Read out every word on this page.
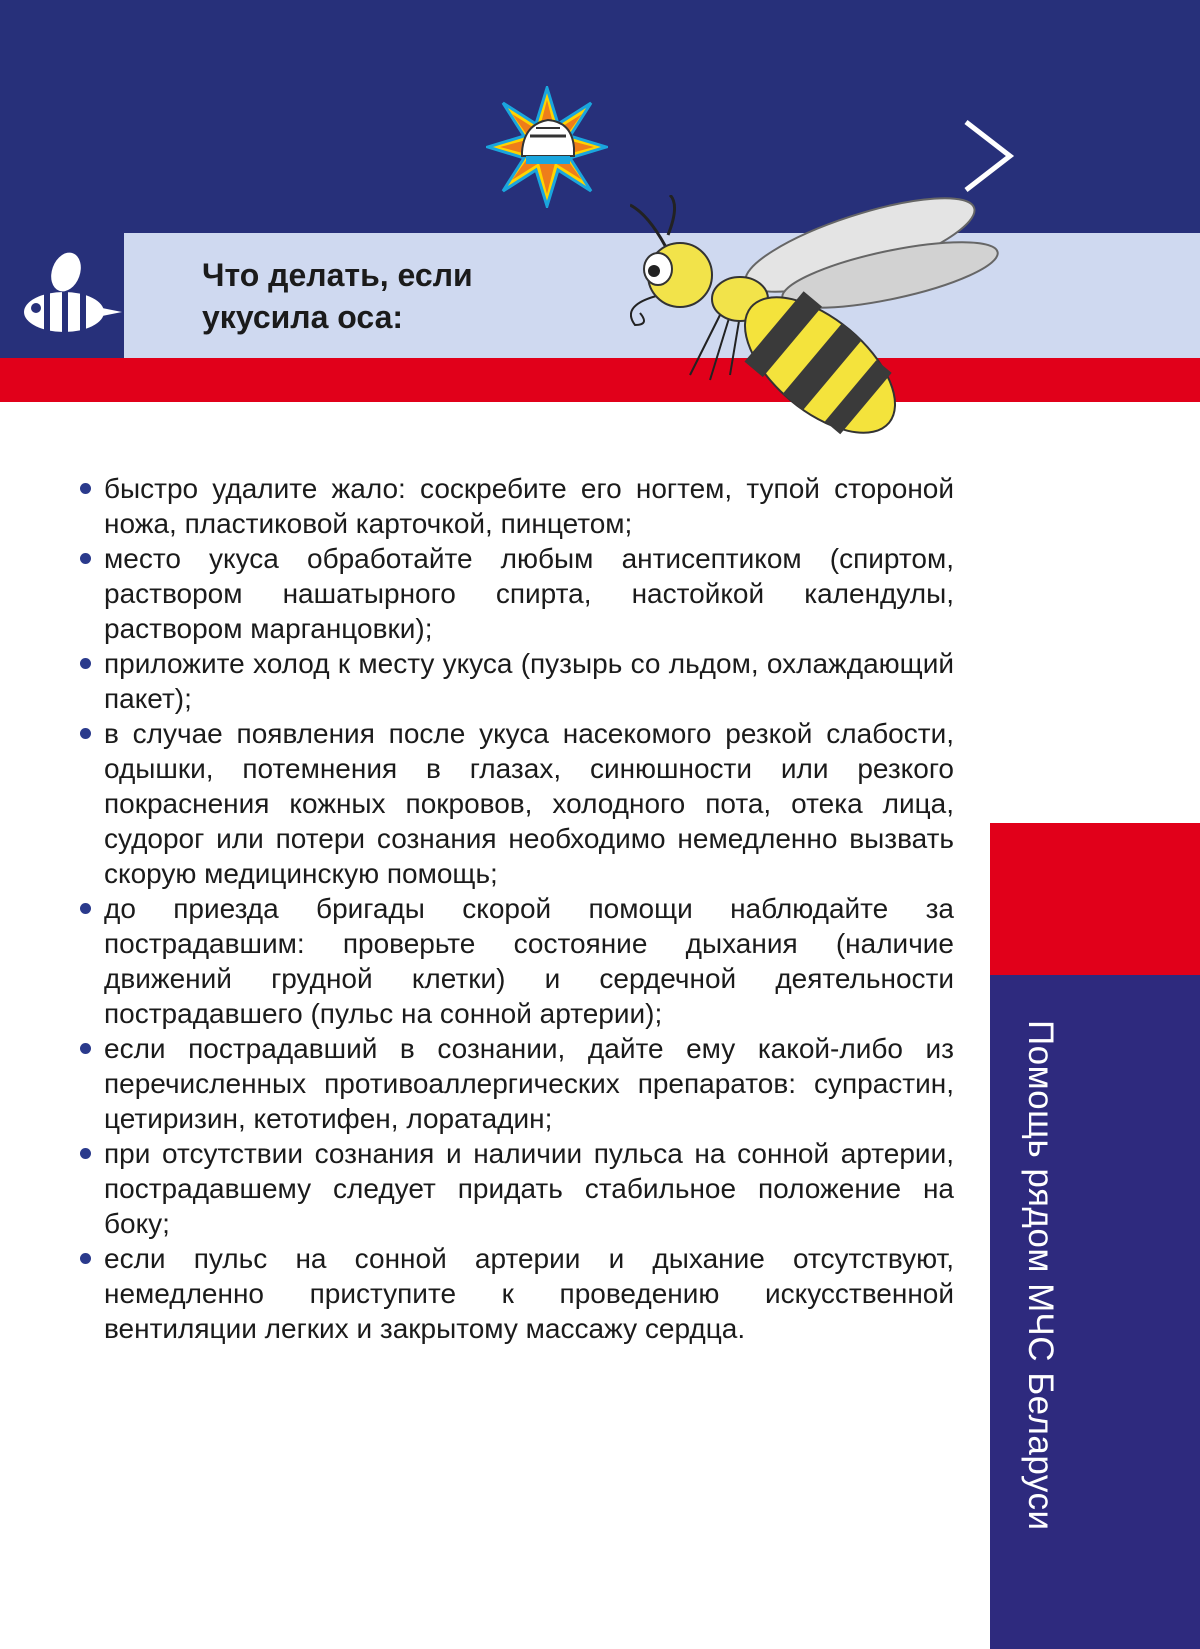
Что делать, если
укусила оса:
быстро удалите жало: соскребите его ногтем, тупой стороной ножа, пластиковой карточкой, пинцетом;
место укуса обработайте любым антисептиком (спиртом, раствором нашатырного спирта, настойкой календулы, раствором марганцовки);
приложите холод к месту укуса (пузырь со льдом, охлаждающий пакет);
в случае появления после укуса насекомого резкой слабости, одышки, потемнения в глазах, синюшности или резкого покраснения кожных покровов, холодного пота, отека лица, судорог или потери сознания необходимо немедленно вызвать скорую медицинскую помощь;
до приезда бригады скорой помощи наблюдайте за пострадавшим: проверьте состояние дыхания (наличие движений грудной клетки) и сердечной деятельности пострадавшего (пульс на сонной артерии);
если пострадавший в сознании, дайте ему какой-либо из перечисленных противоаллергических препаратов: супрастин, цетиризин, кетотифен, лоратадин;
при отсутствии сознания и наличии пульса на сонной артерии, пострадавшему следует придать стабильное положение на боку;
если пульс на сонной артерии и дыхание отсутствуют, немедленно приступите к проведению искусственной вентиляции легких и закрытому массажу сердца.	Помощь рядом МЧС Беларуси
